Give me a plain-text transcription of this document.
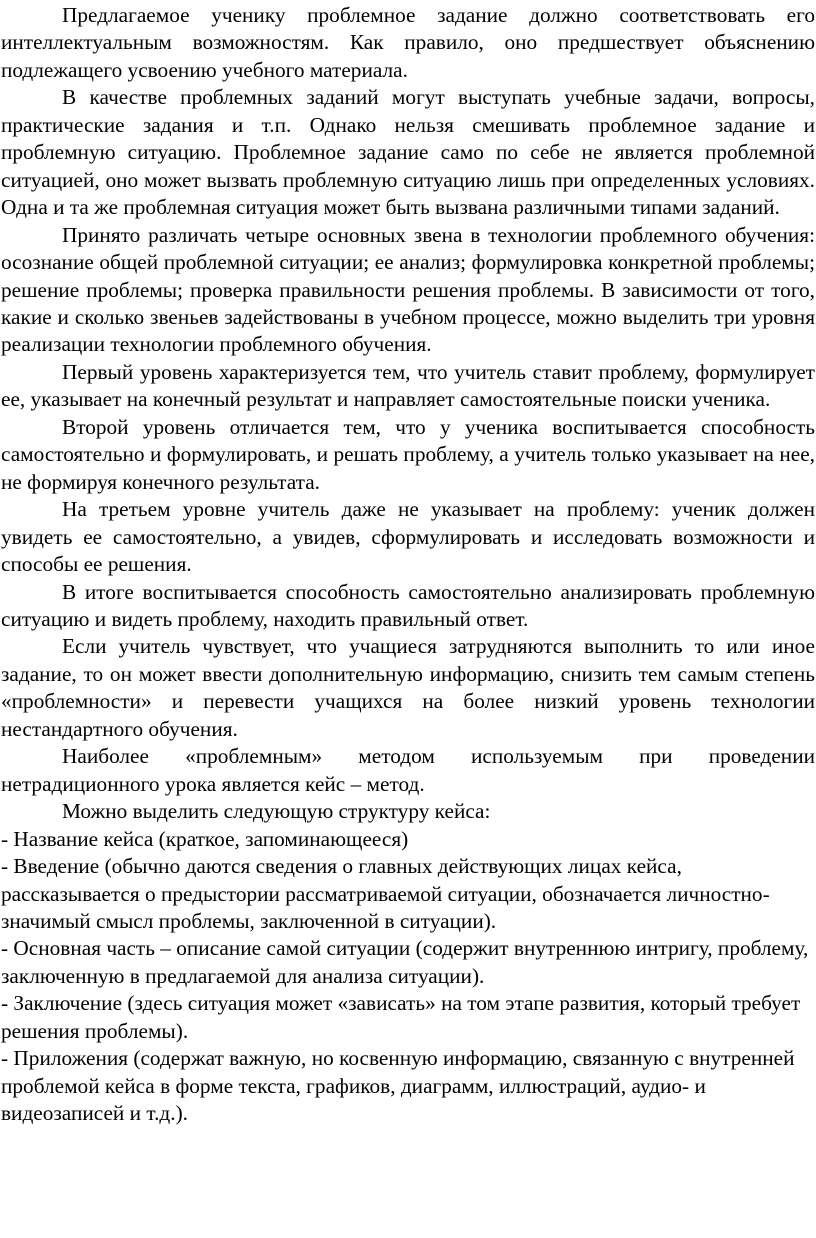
Предлагаемое ученику проблемное задание должно соответствовать его интеллектуальным возможностям. Как правило, оно предшествует объяснению подлежащего усвоению учебного материала.

В качестве проблемных заданий могут выступать учебные задачи, вопросы, практические задания и т.п. Однако нельзя смешивать проблемное задание и проблемную ситуацию. Проблемное задание само по себе не является проблемной ситуацией, оно может вызвать проблемную ситуацию лишь при определенных условиях. Одна и та же проблемная ситуация может быть вызвана различными типами заданий.

Принято различать четыре основных звена в технологии проблемного обучения: осознание общей проблемной ситуации; ее анализ; формулировка конкретной проблемы; решение проблемы; проверка правильности решения проблемы. В зависимости от того, какие и сколько звеньев задействованы в учебном процессе, можно выделить три уровня реализации технологии проблемного обучения.

Первый уровень характеризуется тем, что учитель ставит проблему, формулирует ее, указывает на конечный результат и направляет самостоятельные поиски ученика.

Второй уровень отличается тем, что у ученика воспитывается способность самостоятельно и формулировать, и решать проблему, а учитель только указывает на нее, не формируя конечного результата.

На третьем уровне учитель даже не указывает на проблему: ученик должен увидеть ее самостоятельно, а увидев, сформулировать и исследовать возможности и способы ее решения.

В итоге воспитывается способность самостоятельно анализировать проблемную ситуацию и видеть проблему, находить правильный ответ.

Если учитель чувствует, что учащиеся затрудняются выполнить то или иное задание, то он может ввести дополнительную информацию, снизить тем самым степень «проблемности» и перевести учащихся на более низкий уровень технологии нестандартного обучения.

Наиболее «проблемным» методом используемым при проведении нетрадиционного урока является кейс – метод.

Можно выделить следующую структуру кейса:

- Название кейса (краткое, запоминающееся)

- Введение (обычно даются сведения о главных действующих лицах кейса, рассказывается о предыстории рассматриваемой ситуации, обозначается личностно-значимый смысл проблемы, заключенной в ситуации).

- Основная часть – описание самой ситуации (содержит внутреннюю интригу, проблему, заключенную в предлагаемой для анализа ситуации).

- Заключение (здесь ситуация может «зависать» на том этапе развития, который требует решения проблемы).

- Приложения (содержат важную, но косвенную информацию, связанную с внутренней проблемой кейса в форме текста, графиков, диаграмм, иллюстраций, аудио- и видеозаписей и т.д.).
